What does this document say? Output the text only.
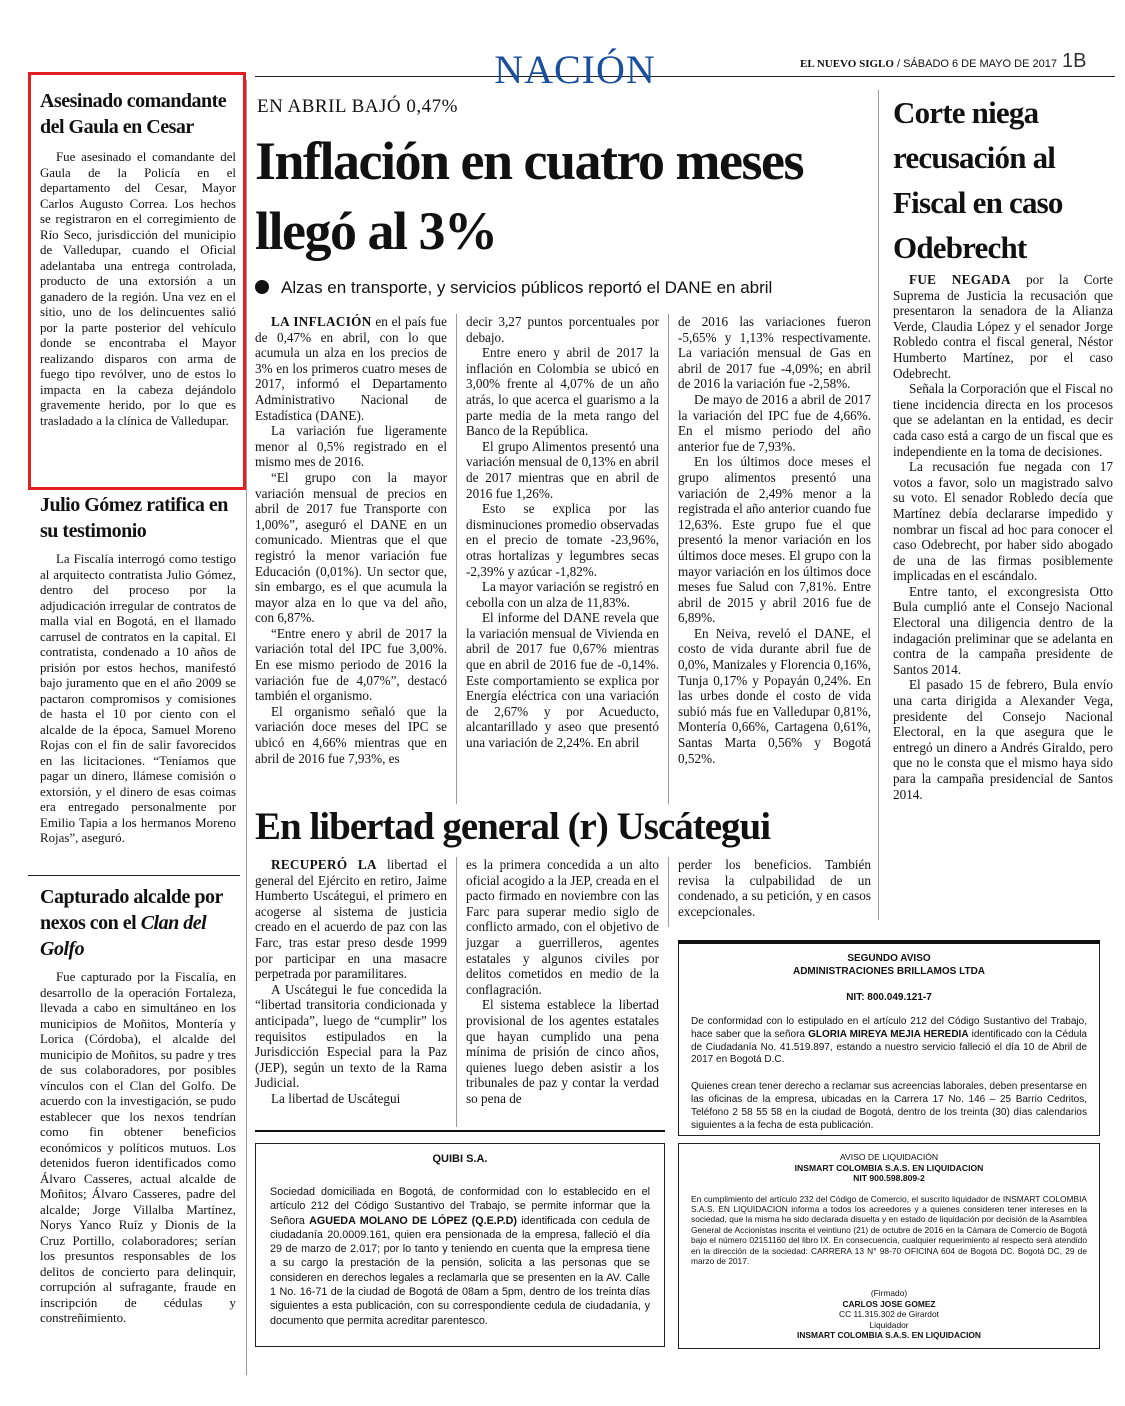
NACIÓN	EL NUEVO SIGLO / SÁBADO 6 DE MAYO DE 2017 1B
Asesinado comandante del Gaula en Cesar

Fue asesinado el comandante del Gaula de la Policía en el departamento del Cesar, Mayor Carlos Augusto Correa. Los hechos se registraron en el corregimiento de Río Seco, jurisdicción del municipio de Valledupar, cuando el Oficial adelantaba una entrega controlada, producto de una extorsión a un ganadero de la región. Una vez en el sitio, uno de los delincuentes salió por la parte posterior del vehículo donde se encontraba el Mayor realizando disparos con arma de fuego tipo revólver, uno de estos lo impacta en la cabeza dejándolo gravemente herido, por lo que es trasladado a la clínica de Valledupar.

Julio Gómez ratifica en su testimonio

La Fiscalía interrogó como testigo al arquitecto contratista Julio Gómez, dentro del proceso por la adjudicación irregular de contratos de malla vial en Bogotá, en el llamado carrusel de contratos en la capital. El contratista, condenado a 10 años de prisión por estos hechos, manifestó bajo juramento que en el año 2009 se pactaron compromisos y comisiones de hasta el 10 por ciento con el alcalde de la época, Samuel Moreno Rojas con el fin de salir favorecidos en las licitaciones. “Teníamos que pagar un dinero, llámese comisión o extorsión, y el dinero de esas coimas era entregado personalmente por Emilio Tapia a los hermanos Moreno Rojas”, aseguró.

Capturado alcalde por nexos con el Clan del Golfo

Fue capturado por la Fiscalía, en desarrollo de la operación Fortaleza, llevada a cabo en simultáneo en los municipios de Moñitos, Montería y Lorica (Córdoba), el alcalde del municipio de Moñitos, su padre y tres de sus colaboradores, por posibles vínculos con el Clan del Golfo. De acuerdo con la investigación, se pudo establecer que los nexos tendrían como fin obtener beneficios económicos y políticos mutuos. Los detenidos fueron identificados como Álvaro Casseres, actual alcalde de Moñitos; Álvaro Casseres, padre del alcalde; Jorge Villalba Martínez, Norys Yanco Ruíz y Dionis de la Cruz Portillo, colaboradores; serían los presuntos responsables de los delitos de concierto para delinquir, corrupción al sufragante, fraude en inscripción de cédulas y constreñimiento.

EN ABRIL BAJÓ 0,47%
Inflación en cuatro meses llegó al 3%
Alzas en transporte, y servicios públicos reportó el DANE en abril

LA INFLACIÓN en el país fue de 0,47% en abril, con lo que acumula un alza en los precios de 3% en los primeros cuatro meses de 2017, informó el Departamento Administrativo Nacional de Estadística (DANE).

La variación fue ligeramente menor al 0,5% registrado en el mismo mes de 2016.

“El grupo con la mayor variación mensual de precios en abril de 2017 fue Transporte con 1,00%”, aseguró el DANE en un comunicado. Mientras que el que registró la menor variación fue Educación (0,01%). Un sector que, sin embargo, es el que acumula la mayor alza en lo que va del año, con 6,87%.

“Entre enero y abril de 2017 la variación total del IPC fue 3,00%. En ese mismo periodo de 2016 la variación fue de 4,07%”, destacó también el organismo.

El organismo señaló que la variación doce meses del IPC se ubicó en 4,66% mientras que en abril de 2016 fue 7,93%, es

decir 3,27 puntos porcentuales por debajo.

Entre enero y abril de 2017 la inflación en Colombia se ubicó en 3,00% frente al 4,07% de un año atrás, lo que acerca el guarismo a la parte media de la meta rango del Banco de la República.

El grupo Alimentos presentó una variación mensual de 0,13% en abril de 2017 mientras que en abril de 2016 fue 1,26%.

Esto se explica por las disminuciones promedio observadas en el precio de tomate -23,96%, otras hortalizas y legumbres secas -2,39% y azúcar -1,82%.

La mayor variación se registró en cebolla con un alza de 11,83%.

El informe del DANE revela que la variación mensual de Vivienda en abril de 2017 fue 0,67% mientras que en abril de 2016 fue de -0,14%. Este comportamiento se explica por Energía eléctrica con una variación de 2,67% y por Acueducto, alcantarillado y aseo que presentó una variación de 2,24%. En abril

de 2016 las variaciones fueron -5,65% y 1,13% respectivamente. La variación mensual de Gas en abril de 2017 fue -4,09%; en abril de 2016 la variación fue -2,58%.

De mayo de 2016 a abril de 2017 la variación del IPC fue de 4,66%. En el mismo periodo del año anterior fue de 7,93%.

En los últimos doce meses el grupo alimentos presentó una variación de 2,49% menor a la registrada el año anterior cuando fue 12,63%. Este grupo fue el que presentó la menor variación en los últimos doce meses. El grupo con la mayor variación en los últimos doce meses fue Salud con 7,81%. Entre abril de 2015 y abril 2016 fue de 6,89%.

En Neiva, reveló el DANE, el costo de vida durante abril fue de 0,0%, Manizales y Florencia 0,16%, Tunja 0,17% y Popayán 0,24%. En las urbes donde el costo de vida subió más fue en Valledupar 0,81%, Montería 0,66%, Cartagena 0,61%, Santas Marta 0,56% y Bogotá 0,52%.

Corte niega recusación al Fiscal en caso Odebrecht

FUE NEGADA por la Corte Suprema de Justicia la recusación que presentaron la senadora de la Alianza Verde, Claudia López y el senador Jorge Robledo contra el fiscal general, Néstor Humberto Martínez, por el caso Odebrecht.

Señala la Corporación que el Fiscal no tiene incidencia directa en los procesos que se adelantan en la entidad, es decir cada caso está a cargo de un fiscal que es independiente en la toma de decisiones.

La recusación fue negada con 17 votos a favor, solo un magistrado salvo su voto. El senador Robledo decía que Martínez debía declararse impedido y nombrar un fiscal ad hoc para conocer el caso Odebrecht, por haber sido abogado de una de las firmas posiblemente implicadas en el escándalo.

Entre tanto, el excongresista Otto Bula cumplió ante el Consejo Nacional Electoral una diligencia dentro de la indagación preliminar que se adelanta en contra de la campaña presidente de Santos 2014.

El pasado 15 de febrero, Bula envío una carta dirigida a Alexander Vega, presidente del Consejo Nacional Electoral, en la que asegura que le entregó un dinero a Andrés Giraldo, pero que no le consta que el mismo haya sido para la campaña presidencial de Santos 2014.

En libertad general (r) Uscátegui

RECUPERÓ LA libertad el general del Ejército en retiro, Jaime Humberto Uscátegui, el primero en acogerse al sistema de justicia creado en el acuerdo de paz con las Farc, tras estar preso desde 1999 por participar en una masacre perpetrada por paramilitares.

A Uscátegui le fue concedida la “libertad transitoria condicionada y anticipada”, luego de “cumplir” los requisitos estipulados en la Jurisdicción Especial para la Paz (JEP), según un texto de la Rama Judicial.

La libertad de Uscátegui

es la primera concedida a un alto oficial acogido a la JEP, creada en el pacto firmado en noviembre con las Farc para superar medio siglo de conflicto armado, con el objetivo de juzgar a guerrilleros, agentes estatales y algunos civiles por delitos cometidos en medio de la conflagración.

El sistema establece la libertad provisional de los agentes estatales que hayan cumplido una pena mínima de prisión de cinco años, quienes luego deben asistir a los tribunales de paz y contar la verdad so pena de

perder los beneficios. También revisa la culpabilidad de un condenado, a su petición, y en casos excepcionales.

SEGUNDO AVISO
ADMINISTRACIONES BRILLAMOS LTDA
NIT: 800.049.121-7
De conformidad con lo estipulado en el artículo 212 del Código Sustantivo del Trabajo, hace saber que la señora GLORIA MIREYA MEJIA HEREDIA identificado con la Cédula de Ciudadanía No. 41.519.897, estando a nuestro servicio falleció el día 10 de Abril de 2017 en Bogotá D.C.
Quienes crean tener derecho a reclamar sus acreencias laborales, deben presentarse en las oficinas de la empresa, ubicadas en la Carrera 17 No. 146 – 25 Barrio Cedritos, Teléfono 2 58 55 58 en la ciudad de Bogotá, dentro de los treinta (30) días calendarios siguientes a la fecha de esta publicación.
QUIBI S.A.
Sociedad domiciliada en Bogotá, de conformidad con lo establecido en el artículo 212 del Código Sustantivo del Trabajo, se permite informar que la Señora AGUEDA MOLANO DE LÓPEZ (Q.E.P.D) identificada con cedula de ciudadanía 20.0009.161, quien era pensionada de la empresa, falleció el día 29 de marzo de 2.017; por lo tanto y teniendo en cuenta que la empresa tiene a su cargo la prestación de la pensión, solicita a las personas que se consideren en derechos legales a reclamarla que se presenten en la AV. Calle 1 No. 16-71 de la ciudad de Bogotá de 08am a 5pm, dentro de los treinta días siguientes a esta publicación, con su correspondiente cedula de ciudadanía, y documento que permita acreditar parentesco.
AVISO DE LIQUIDACIÓN
INSMART COLOMBIA S.A.S. EN LIQUIDACION
NIT 900.598.809-2
En cumplimiento del artículo 232 del Código de Comercio, el suscrito liquidador de INSMART COLOMBIA S.A.S. EN LIQUIDACION informa a todos los acreedores y a quienes consideren tener intereses en la sociedad, que la misma ha sido declarada disuelta y en estado de liquidación por decisión de la Asamblea General de Accionistas inscrita el veintiuno (21) de octubre de 2016 en la Cámara de Comercio de Bogotá bajo el número 02151160 del libro IX. En consecuencia, cualquier requerimiento al respecto será atendido en la dirección de la sociedad: CARRERA 13 N° 98-70 OFICINA 604 de Bogotá DC. Bogotá DC, 29 de marzo de 2017.
(Firmado)
CARLOS JOSE GOMEZ
CC 11.315.302 de Girardot
Liquidador
INSMART COLOMBIA S.A.S. EN LIQUIDACION
